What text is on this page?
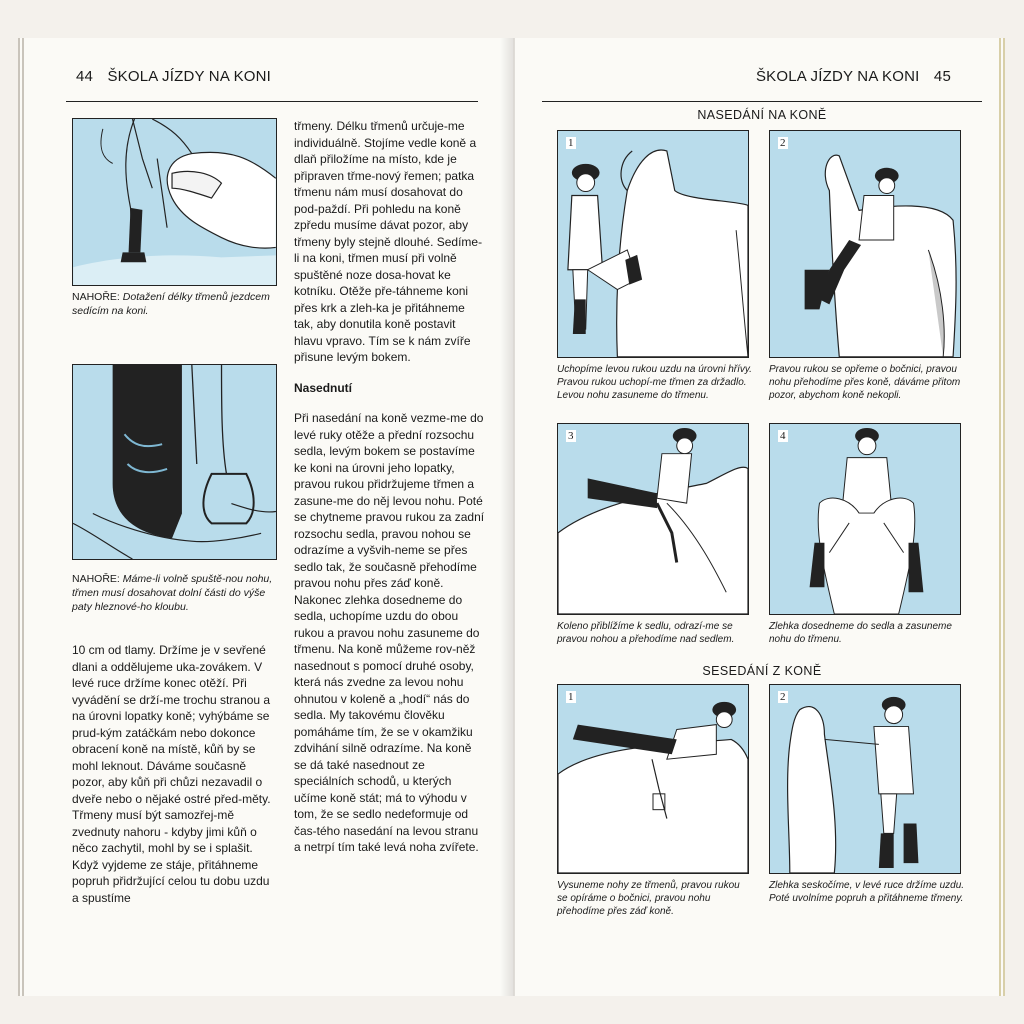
44 ŠKOLA JÍZDY NA KONI
NAHOŘE: Dotažení délky třmenů jezdcem sedícím na koni.
NAHOŘE: Máme-li volně spuště-nou nohu, třmen musí dosahovat dolní části do výše paty hleznové-ho kloubu.

10 cm od tlamy. Držíme je v sevřené dlani a oddělujeme uka-zovákem. V levé ruce držíme konec otěží. Při vyvádění se drží-me trochu stranou a na úrovni lopatky koně; vyhýbáme se prud-kým zatáčkám nebo dokonce obracení koně na místě, kůň by se mohl leknout. Dáváme současně pozor, aby kůň při chůzi nezavadil o dveře nebo o nějaké ostré před-měty. Třmeny musí být samozřej-mě zvednuty nahoru - kdyby jimi kůň o něco zachytil, mohl by se i splašit. Když vyjdeme ze stáje, přitáhneme popruh přidržující celou tu dobu uzdu a spustíme

třmeny. Délku třmenů určuje-me individuálně. Stojíme vedle koně a dlaň přiložíme na místo, kde je připraven třme-nový řemen; patka třmenu nám musí dosahovat do pod-paždí. Při pohledu na koně zpředu musíme dávat pozor, aby třmeny byly stejně dlouhé. Sedíme-li na koni, třmen musí při volně spuštěné noze dosa-hovat ke kotníku. Otěže pře-táhneme koni přes krk a zleh-ka je přitáhneme tak, aby donutila koně postavit hlavu vpravo. Tím se k nám zvíře přisune levým bokem.

Nasednutí

Při nasedání na koně vezme-me do levé ruky otěže a přední rozsochu sedla, levým bokem se postavíme ke koni na úrovni jeho lopatky, pravou rukou přidržujeme třmen a zasune-me do něj levou nohu. Poté se chytneme pravou rukou za zadní rozsochu sedla, pravou nohou se odrazíme a vyšvih-neme se přes sedlo tak, že současně přehodíme pravou nohu přes záď koně. Nakonec zlehka dosedneme do sedla, uchopíme uzdu do obou rukou a pravou nohu zasuneme do třmenu. Na koně můžeme rov-něž nasednout s pomocí druhé osoby, která nás zvedne za levou nohu ohnutou v koleně a „hodí“ nás do sedla. My takovému člověku pomáháme tím, že se v okamžiku zdvihání silně odrazíme. Na koně se dá také nasednout ze speciálních schodů, u kterých učíme koně stát; má to výhodu v tom, že se sedlo nedeformuje od čas-tého nasedání na levou stranu a netrpí tím také levá noha zvířete.

ŠKOLA JÍZDY NA KONI 45
NASEDÁNÍ NA KONĚ
1
Uchopíme levou rukou uzdu na úrovni hřívy. Pravou rukou uchopí-me třmen za držadlo. Levou nohu zasuneme do třmenu.
2
Pravou rukou se opřeme o bočnici, pravou nohu přehodíme přes koně, dáváme přitom pozor, abychom koně nekopli.
3
Koleno přiblížíme k sedlu, odrazí-me se pravou nohou a přehodíme nad sedlem.
4
Zlehka dosedneme do sedla a zasuneme nohu do třmenu.
SESEDÁNÍ Z KONĚ
1
Vysuneme nohy ze třmenů, pravou rukou se opíráme o bočnici, pravou nohu přehodíme přes záď koně.
2
Zlehka seskočíme, v levé ruce držíme uzdu. Poté uvolníme popruh a přitáhneme třmeny.
